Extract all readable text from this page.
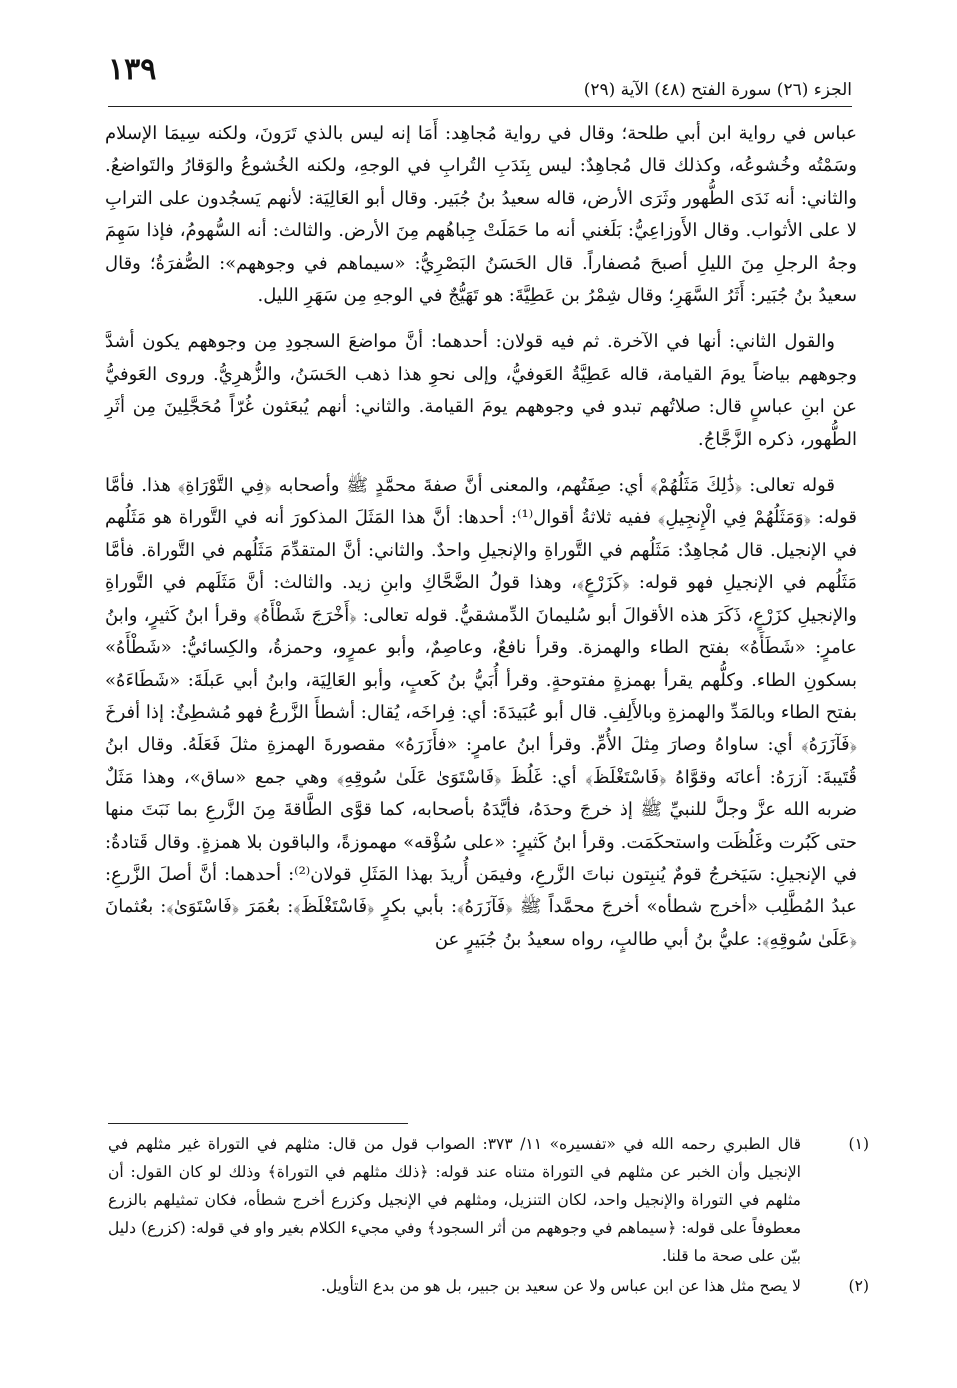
١٣٩
الجزء (٢٦) سورة الفتح (٤٨) الآية (٢٩)

عباس في رواية ابن أبي طلحة؛ وقال في رواية مُجاهِد: أَمَا إنه ليس بالذي تَرَونَ، ولكنه سِيمَا الإسلام وسَمْتُه وخُشوعُه، وكذلك قال مُجاهِدٌ: ليس بِنَدَبِ التُرابِ في الوجهِ، ولكنه الخُشوعُ والوَقارُ والتَواضعُ. والثاني: أنه نَدَى الطُّهور وثَرَى الأرض، قاله سعيدُ بنُ جُبَير. وقال أبو العَالِيَة: لأنهم يَسجُدون على الترابِ لا على الأثواب. وقال الأَوزاعِيُّ: بَلَغني أنه ما حَمَلَتْ جِباهُهم مِنَ الأرض. والثالث: أنه السُّهومُ، فإذا سَهِمَ وجهُ الرجلِ مِنَ الليلِ أصبحَ مُصفاراً. قال الحَسَنُ البَصْرِيُّ: «سيماهم في وجوههم»: الصُّفرَةُ؛ وقال سعيدُ بنُ جُبَير: أَثَرُ السَّهَرِ؛ وقال شِمْرُ بن عَطِيَّةَ: هو تَهَيُّجٌ في الوجهِ مِن سَهَرِ الليل.

والقول الثاني: أنها في الآخرة. ثم فيه قولان: أحدهما: أنَّ مواضعَ السجودِ مِن وجوههم يكون أشدَّ وجوههم بياضاً يومَ القيامة، قاله عَطِيَّةُ العَوفيُّ، وإلى نحوِ هذا ذهب الحَسَنُ، والزُّهرِيُّ. وروى العَوفيُّ عن ابنِ عباسٍ قال: صلاتُهم تبدو في وجوههم يومَ القيامة. والثاني: أنهم يُبعَثون غُرّاً مُحَجَّلِينَ مِن أثَرِ الطُّهور، ذكره الزَّجَّاجُ.

قوله تعالى: ﴿ذَٰلِكَ مَثَلُهُمْ﴾ أي: صِفَتُهم، والمعنى أنَّ صفةَ محمَّدٍ ﷺ وأصحابه ﴿فِي التَّوْرَاةِ﴾ هذا. فأمَّا قوله: ﴿وَمَثَلُهُمْ فِي الْإِنجِيلِ﴾ ففيه ثلاثةُ أقوال⁽¹⁾: أحدها: أنَّ هذا المَثَلَ المذكورَ أنه في التَّوراة هو مَثَلُهم في الإنجيل. قال مُجاهِدٌ: مَثَلُهم في التَّوراةِ والإنجيلِ واحدٌ. والثاني: أنَّ المتقدِّمَ مَثَلُهم في التَّوراة. فأمَّا مَثَلُهم في الإنجيلِ فهو قوله: ﴿كَزَرْعٍ﴾، وهذا قولُ الضَّحَّاكِ وابنِ زيد. والثالث: أنَّ مَثَلَهم في التَّوراةِ والإنجيلِ كزَرْعٍ، ذَكَرَ هذه الأقوالَ أبو سُليمانَ الدِّمشقيُّ. قوله تعالى: ﴿أَخْرَجَ شَطْأَهُ﴾ وقرأ ابنُ كَثيرٍ، وابنُ عامرٍ: «شَطَأَهُ» بفتح الطاء والهمزة. وقرأ نافعٌ، وعاصِمٌ، وأبو عمرٍو، وحمزةُ، والكِسائيُّ: «شَطْأَهُ» بسكونِ الطاء. وكلُّهم يقرأ بهمزةٍ مفتوحةٍ. وقرأ أُبَيُّ بنُ كَعبٍ، وأبو العَالِيَة، وابنُ أبي عَبلَةَ: «شَطَاءَهُ» بفتح الطاء وبالمَدِّ والهمزةِ وبالأَلِفِ. قال أبو عُبَيدَةَ: أي: فِراخَه، يُقال: أشطأَ الزَّرعُ فهو مُشطِئٌ: إذا أفرخَ ﴿فَآزَرَهُ﴾ أي: ساواهُ وصارَ مِثلَ الأُمِّ. وقرأ ابنُ عامرٍ: «فأَزَرَهُ» مقصورةَ الهمزةِ مثلَ فَعَلَهُ. وقال ابنُ قُتَيبةَ: آزرَهُ: أعانَه وقوَّاهُ ﴿فَاسْتَغْلَظَ﴾ أي: غَلُظَ ﴿فَاسْتَوَىٰ عَلَىٰ سُوقِهِ﴾ وهي جمع «ساق»، وهذا مَثَلٌ ضربه الله عزَّ وجلَّ للنبيِّ ﷺ إذ خرجَ وحدَهُ، فأيَّدَهُ بأصحابه، كما قوَّى الطَّاقةَ مِنَ الزَّرعِ بما نَبَتَ منها حتى كَبُرت وغَلُظَت واستحكَمَت. وقرأ ابنُ كَثيرٍ: «على سُؤْقه» مهموزةً، والباقون بلا همزةٍ. وقال قَتادةُ: في الإنجيلِ: سَيَخرجُ قومٌ يُنبِتون نباتَ الزَّرعِ، وفيمَن أُريدَ بهذا المَثَلِ قولان⁽²⁾: أحدهما: أنَّ أصلَ الزَّرعِ: عبدُ المُطَّلِب «أخرج شطأه» أخرجَ محمَّداً ﷺ ﴿فَآزَرَهُ﴾: بأبي بكرٍ ﴿فَاسْتَغْلَظَ﴾: بعُمَرَ ﴿فَاسْتَوَىٰ﴾: بعُثمانَ ﴿عَلَىٰ سُوقِهِ﴾: عليُّ بنُ أبي طالبٍ، رواه سعيدُ بنُ جُبَيرٍ عن

(١)
قال الطبري رحمه الله في «تفسيره» ١١/ ٣٧٣: الصواب قول من قال: مثلهم في التوراة غير مثلهم في الإنجيل وأن الخبر عن مثلهم في التوراة متناه عند قوله: ﴿ذلك مثلهم في التوراة﴾ وذلك لو كان القول: أن مثلهم في التوراة والإنجيل واحد، لكان التنزيل، ومثلهم في الإنجيل وكزرع أخرج شطأه، فكان تمثيلهم بالزرع معطوفاً على قوله: ﴿سيماهم في وجوههم من أثر السجود﴾ وفي مجيء الكلام بغير واو في قوله: (كزرع) دليل بيّن على صحة ما قلنا.
(٢)
لا يصح مثل هذا عن ابن عباس ولا عن سعيد بن جبير، بل هو من بدع التأويل.
